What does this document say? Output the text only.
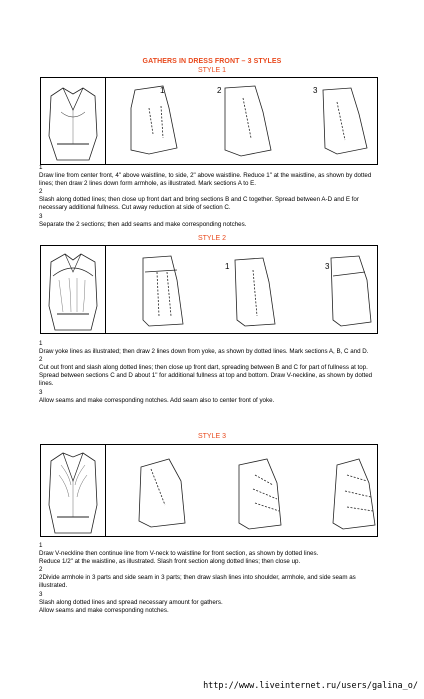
GATHERS IN DRESS FRONT – 3 STYLES
STYLE 1
1	2	3

1

Draw line from center front, 4" above waistline, to side, 2" above waistline. Reduce 1" at the waistline, as shown by dotted lines; then draw 2 lines down form armhole, as illustrated. Mark sections A to E.

2

Slash along dotted lines; then close up front dart and bring sections B and C together. Spread between A-D and E for necessary additional fullness. Cut away reduction at side of section C.

3

Separate the 2 sections; then add seams and make corresponding notches.

STYLE 2
1	3

1

Draw yoke lines as illustrated; then draw 2 lines down from yoke, as shown by dotted lines. Mark sections A, B, C and D.

2

Cut out front and slash along dotted lines; then close up front dart, spreading between B and C for part of fullness at top.

Spread between sections C and D about 1" for additional fullness at top and bottom. Draw V-neckline, as shown by dotted lines.

3

Allow seams and make corresponding notches. Add seam also to center front of yoke.

STYLE 3

1

Draw V-neckline then continue line from V-neck to waistline for front section, as shown by dotted lines.

Reduce 1/2" at the waistline, as illustrated. Slash front section along dotted lines; then close up.

2

2Divide armhole in 3 parts and side seam in 3 parts; then draw slash lines into shoulder, armhole, and side seam as illustrated.

3

Slash along dotted lines and spread necessary amount for gathers.

Allow seams and make corresponding notches.

http://www.liveinternet.ru/users/galina_o/
